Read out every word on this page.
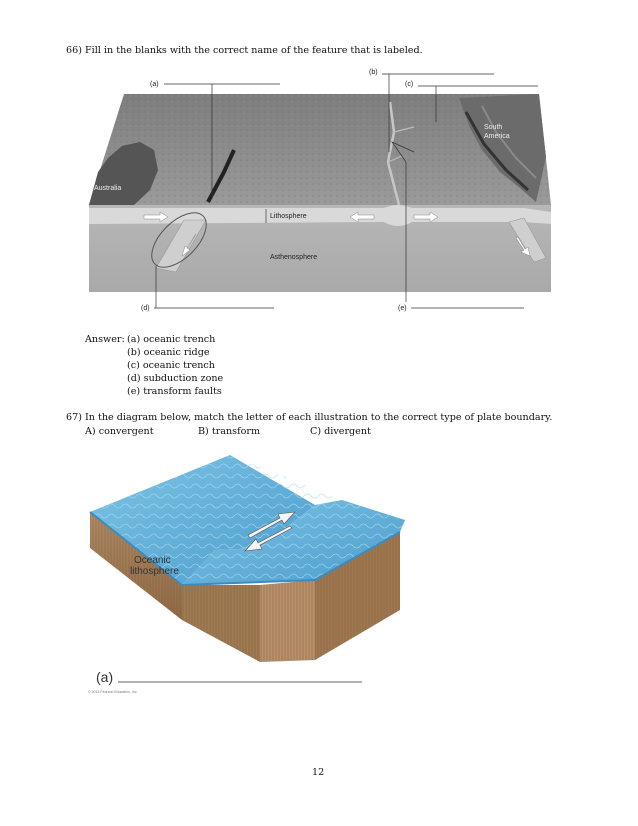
66) Fill in the blanks with the correct name of the feature that is labeled.
Lithosphere
Asthenosphere
Australia
South
America
(a)
(b)
(c)
(d)	(e)
Answer: (a) oceanic trench
(b) oceanic ridge
(c) oceanic trench
(d) subduction zone
(e) transform faults
67) In the diagram below, match the letter of each illustration to the correct type of plate boundary.
A) convergent	B) transform	C) divergent
Oceanic
lithosphere
(a)
© 2013 Pearson Education, Inc.
12
